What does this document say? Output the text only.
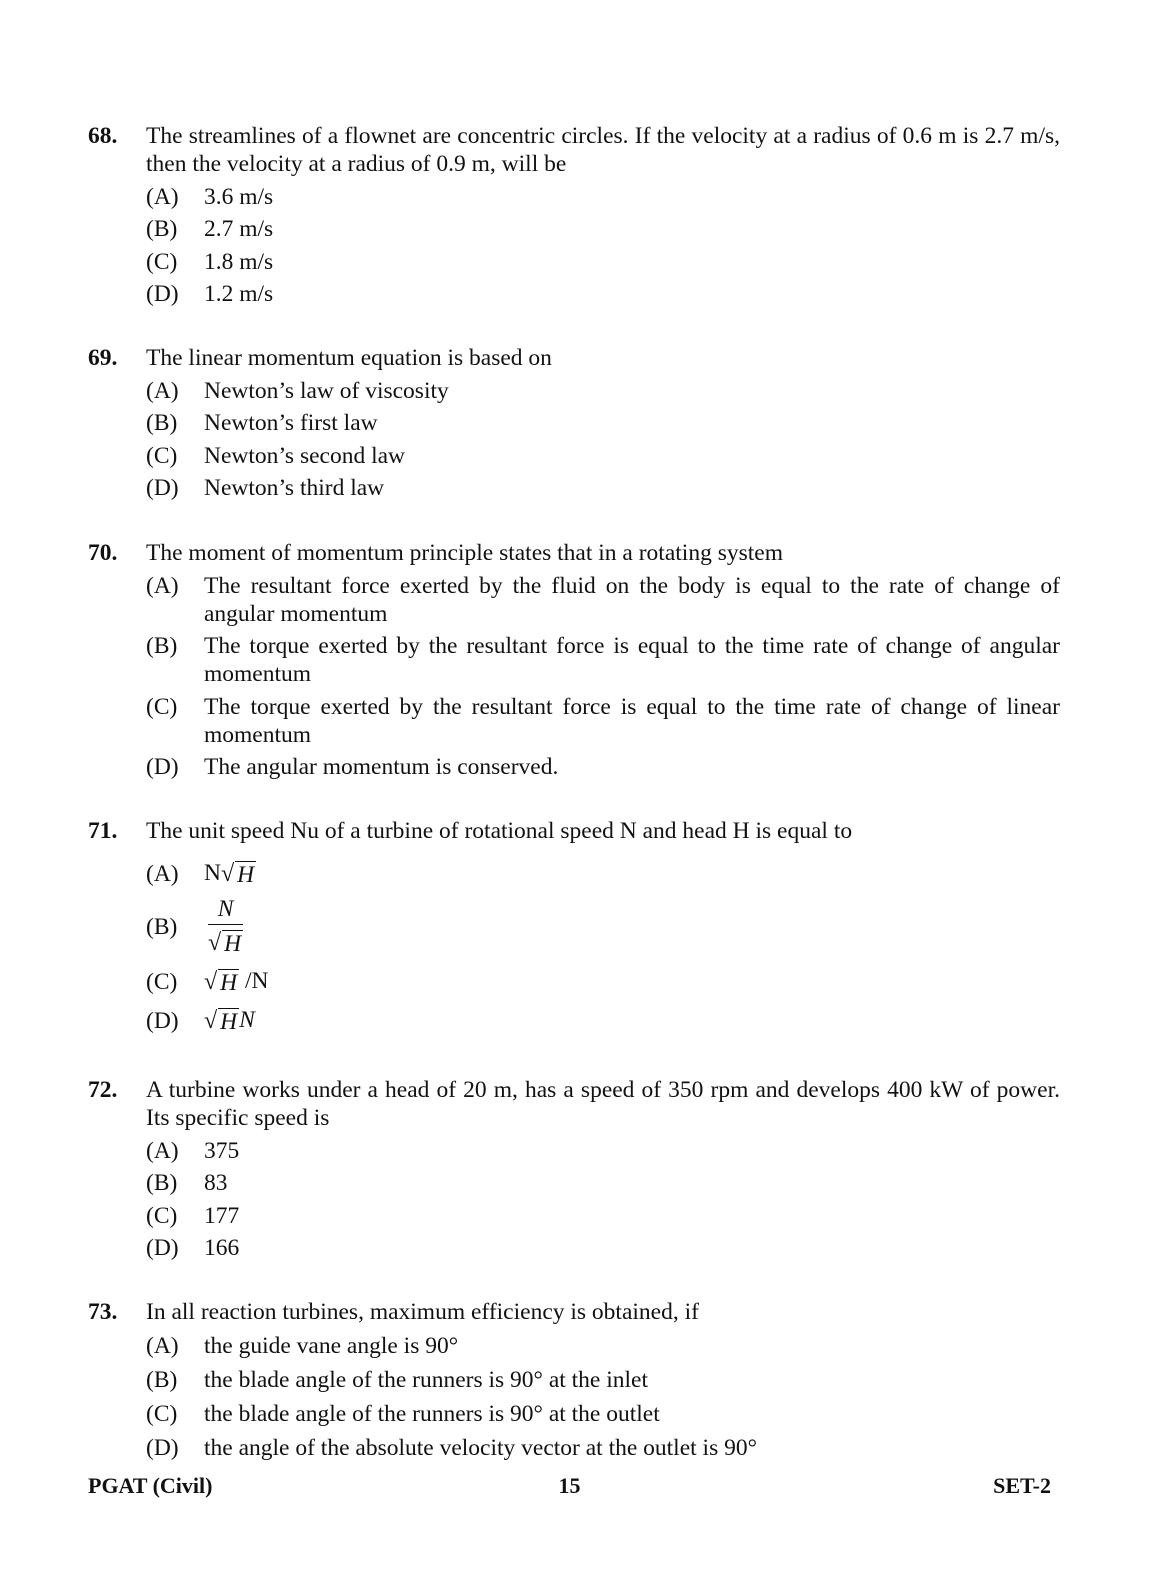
68.	The streamlines of a flownet are concentric circles. If the velocity at a radius of 0.6 m is 2.7 m/s, then the velocity at a radius of 0.9 m, will be
(A)	3.6 m/s
(B)	2.7 m/s
(C)	1.8 m/s
(D)	1.2 m/s
69.	The linear momentum equation is based on
(A)	Newton’s law of viscosity
(B)	Newton’s first law
(C)	Newton’s second law
(D)	Newton’s third law
70.	The moment of momentum principle states that in a rotating system
(A)	The resultant force exerted by the fluid on the body is equal to the rate of change of angular momentum
(B)	The torque exerted by the resultant force is equal to the time rate of change of angular momentum
(C)	The torque exerted by the resultant force is equal to the time rate of change of linear momentum
(D)	The angular momentum is conserved.
71.	The unit speed Nu of a turbine of rotational speed N and head H is equal to
(A)	N √ H
(B)	$\frac{N}{√ H}$
(C)	√ H /N
(D)	√ H N
72.	A turbine works under a head of 20 m, has a speed of 350 rpm and develops 400 kW of power. Its specific speed is
(A)	375
(B)	83
(C)	177
(D)	166
73.	In all reaction turbines, maximum efficiency is obtained, if
(A)	the guide vane angle is 90°
(B)	the blade angle of the runners is 90° at the inlet
(C)	the blade angle of the runners is 90° at the outlet
(D)	the angle of the absolute velocity vector at the outlet is 90°
15
PGAT (Civil)	SET-2
